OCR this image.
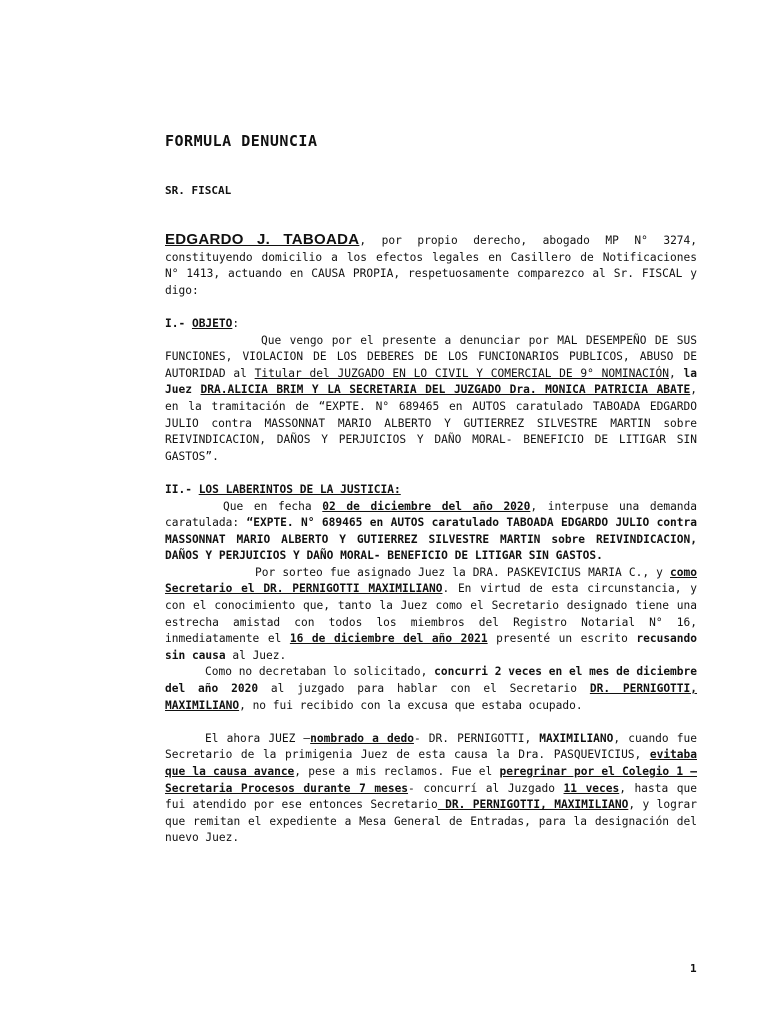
FORMULA DENUNCIA

SR. FISCAL

EDGARDO J. TABOADA, por propio derecho, abogado MP N° 3274, constituyendo domicilio a los efectos legales en Casillero de Notificaciones N° 1413, actuando en CAUSA PROPIA, respetuosamente comparezco al Sr. FISCAL y digo:

I.- OBJETO:

Que vengo por el presente a denunciar por MAL DESEMPEÑO DE SUS FUNCIONES, VIOLACION DE LOS DEBERES DE LOS FUNCIONARIOS PUBLICOS, ABUSO DE AUTORIDAD al Titular del JUZGADO EN LO CIVIL Y COMERCIAL DE 9° NOMINACIÓN, la Juez DRA.ALICIA BRIM Y LA SECRETARIA DEL JUZGADO Dra. MONICA PATRICIA ABATE, en la tramitación de “EXPTE. N° 689465 en AUTOS caratulado TABOADA EDGARDO JULIO contra MASSONNAT MARIO ALBERTO Y GUTIERREZ SILVESTRE MARTIN sobre REIVINDICACION, DAÑOS Y PERJUICIOS Y DAÑO MORAL- BENEFICIO DE LITIGAR SIN GASTOS”.

II.- LOS LABERINTOS DE LA JUSTICIA:

Que en fecha 02 de diciembre del año 2020, interpuse una demanda caratulada: “EXPTE. N° 689465 en AUTOS caratulado TABOADA EDGARDO JULIO contra MASSONNAT MARIO ALBERTO Y GUTIERREZ SILVESTRE MARTIN sobre REIVINDICACION, DAÑOS Y PERJUICIOS Y DAÑO MORAL- BENEFICIO DE LITIGAR SIN GASTOS.

Por sorteo fue asignado Juez la DRA. PASKEVICIUS MARIA C., y como Secretario el DR. PERNIGOTTI MAXIMILIANO. En virtud de esta circunstancia, y con el conocimiento que, tanto la Juez como el Secretario designado tiene una estrecha amistad con todos los miembros del Registro Notarial N° 16, inmediatamente el 16 de diciembre del año 2021 presenté un escrito recusando sin causa al Juez.

Como no decretaban lo solicitado, concurri 2 veces en el mes de diciembre del año 2020 al juzgado para hablar con el Secretario DR. PERNIGOTTI, MAXIMILIANO, no fui recibido con la excusa que estaba ocupado.

El ahora JUEZ –nombrado a dedo- DR. PERNIGOTTI, MAXIMILIANO, cuando fue Secretario de la primigenia Juez de esta causa la Dra. PASQUEVICIUS, evitaba que la causa avance, pese a mis reclamos. Fue el peregrinar por el Colegio 1 – Secretaria Procesos durante 7 meses- concurrí al Juzgado 11 veces, hasta que fui atendido por ese entonces Secretario DR. PERNIGOTTI, MAXIMILIANO, y lograr que remitan el expediente a Mesa General de Entradas, para la designación del nuevo Juez.

1
